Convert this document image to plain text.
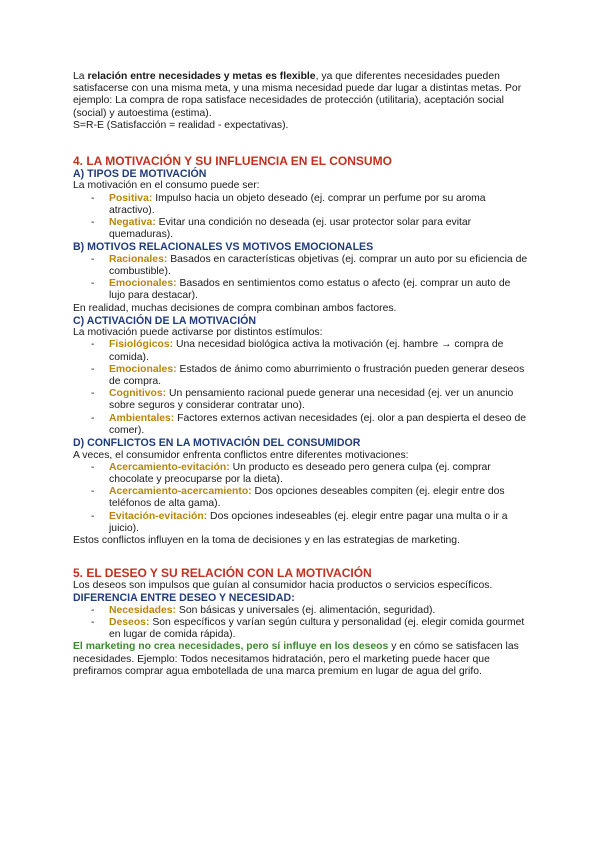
La relación entre necesidades y metas es flexible, ya que diferentes necesidades pueden satisfacerse con una misma meta, y una misma necesidad puede dar lugar a distintas metas. Por ejemplo: La compra de ropa satisface necesidades de protección (utilitaria), aceptación social (social) y autoestima (estima).

S=R-E (Satisfacción = realidad - expectativas).

4. LA MOTIVACIÓN Y SU INFLUENCIA EN EL CONSUMO

A) TIPOS DE MOTIVACIÓN

La motivación en el consumo puede ser:

- Positiva: Impulso hacia un objeto deseado (ej. comprar un perfume por su aroma atractivo).
- Negativa: Evitar una condición no deseada (ej. usar protector solar para evitar quemaduras).

B) MOTIVOS RELACIONALES VS MOTIVOS EMOCIONALES

- Racionales: Basados en características objetivas (ej. comprar un auto por su eficiencia de combustible).
- Emocionales: Basados en sentimientos como estatus o afecto (ej. comprar un auto de lujo para destacar).

En realidad, muchas decisiones de compra combinan ambos factores.

C) ACTIVACIÓN DE LA MOTIVACIÓN

La motivación puede activarse por distintos estímulos:

- Fisiológicos: Una necesidad biológica activa la motivación (ej. hambre → compra de comida).
- Emocionales: Estados de ánimo como aburrimiento o frustración pueden generar deseos de compra.
- Cognitivos: Un pensamiento racional puede generar una necesidad (ej. ver un anuncio sobre seguros y considerar contratar uno).
- Ambientales: Factores externos activan necesidades (ej. olor a pan despierta el deseo de comer).

D) CONFLICTOS EN LA MOTIVACIÓN DEL CONSUMIDOR

A veces, el consumidor enfrenta conflictos entre diferentes motivaciones:

- Acercamiento-evitación: Un producto es deseado pero genera culpa (ej. comprar chocolate y preocuparse por la dieta).
- Acercamiento-acercamiento: Dos opciones deseables compiten (ej. elegir entre dos teléfonos de alta gama).
- Evitación-evitación: Dos opciones indeseables (ej. elegir entre pagar una multa o ir a juicio).

Estos conflictos influyen en la toma de decisiones y en las estrategias de marketing.

5. EL DESEO Y SU RELACIÓN CON LA MOTIVACIÓN

Los deseos son impulsos que guían al consumidor hacia productos o servicios específicos.

DIFERENCIA ENTRE DESEO Y NECESIDAD:

- Necesidades: Son básicas y universales (ej. alimentación, seguridad).
- Deseos: Son específicos y varían según cultura y personalidad (ej. elegir comida gourmet en lugar de comida rápida).

El marketing no crea necesidades, pero sí influye en los deseos y en cómo se satisfacen las necesidades. Ejemplo: Todos necesitamos hidratación, pero el marketing puede hacer que prefiramos comprar agua embotellada de una marca premium en lugar de agua del grifo.
